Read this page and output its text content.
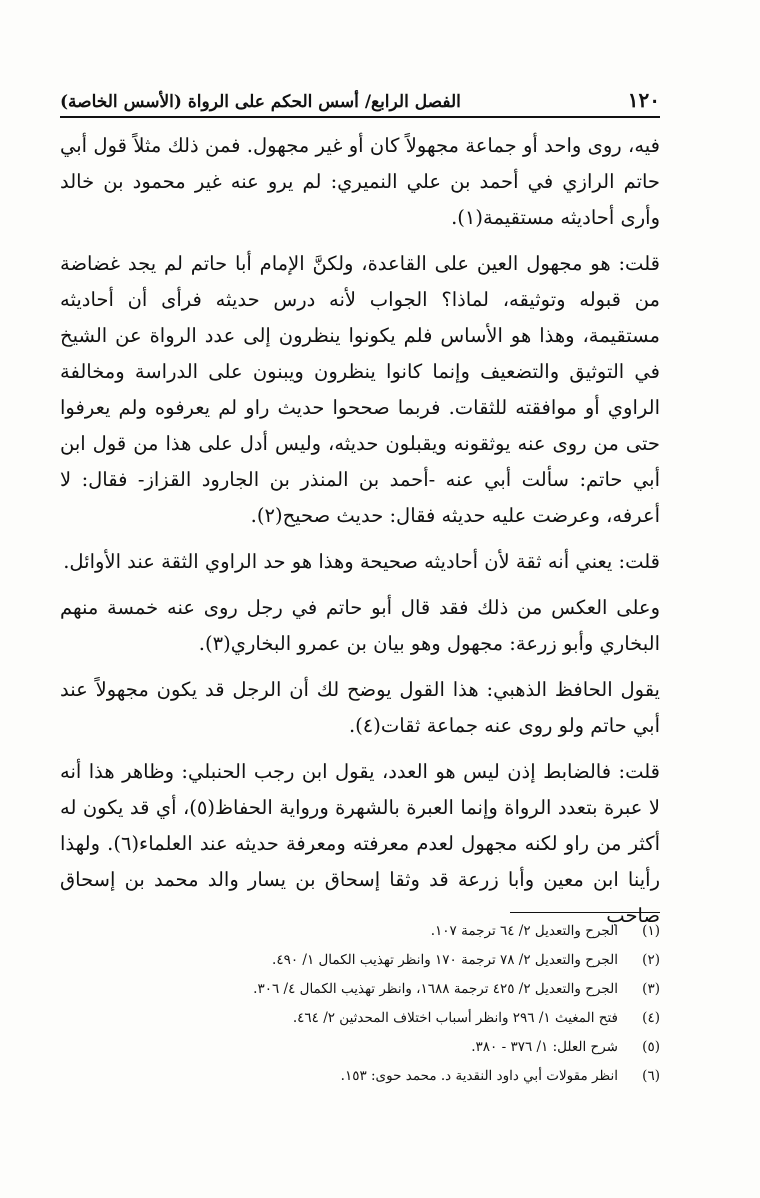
١٢٠
الفصل الرابع/ أسس الحكم على الرواة (الأسس الخاصة)

فيه، روى واحد أو جماعة مجهولاً كان أو غير مجهول. فمن ذلك مثلاً قول أبي حاتم الرازي في أحمد بن علي النميري: لم يرو عنه غير محمود بن خالد وأرى أحاديثه مستقيمة(١).

قلت: هو مجهول العين على القاعدة، ولكنَّ الإمام أبا حاتم لم يجد غضاضة من قبوله وتوثيقه، لماذا؟ الجواب لأنه درس حديثه فرأى أن أحاديثه مستقيمة، وهذا هو الأساس فلم يكونوا ينظرون إلى عدد الرواة عن الشيخ في التوثيق والتضعيف وإنما كانوا ينظرون ويبنون على الدراسة ومخالفة الراوي أو موافقته للثقات. فربما صححوا حديث راو لم يعرفوه ولم يعرفوا حتى من روى عنه يوثقونه ويقبلون حديثه، وليس أدل على هذا من قول ابن أبي حاتم: سألت أبي عنه -أحمد بن المنذر بن الجارود القزاز- فقال: لا أعرفه، وعرضت عليه حديثه فقال: حديث صحيح(٢).

قلت: يعني أنه ثقة لأن أحاديثه صحيحة وهذا هو حد الراوي الثقة عند الأوائل.

وعلى العكس من ذلك فقد قال أبو حاتم في رجل روى عنه خمسة منهم البخاري وأبو زرعة: مجهول وهو بيان بن عمرو البخاري(٣).

يقول الحافظ الذهبي: هذا القول يوضح لك أن الرجل قد يكون مجهولاً عند أبي حاتم ولو روى عنه جماعة ثقات(٤).

قلت: فالضابط إذن ليس هو العدد، يقول ابن رجب الحنبلي: وظاهر هذا أنه لا عبرة بتعدد الرواة وإنما العبرة بالشهرة ورواية الحفاظ(٥)، أي قد يكون له أكثر من راو لكنه مجهول لعدم معرفته ومعرفة حديثه عند العلماء(٦). ولهذا رأينا ابن معين وأبا زرعة قد وثقا إسحاق بن يسار والد محمد بن إسحاق صاحب

(١)
الجرح والتعديل ٢/ ٦٤ ترجمة ١٠٧.
(٢)
الجرح والتعديل ٢/ ٧٨ ترجمة ١٧٠ وانظر تهذيب الكمال ١/ ٤٩٠.
(٣)
الجرح والتعديل ٢/ ٤٢٥ ترجمة ١٦٨٨، وانظر تهذيب الكمال ٤/ ٣٠٦.
(٤)
فتح المغيث ١/ ٢٩٦ وانظر أسباب اختلاف المحدثين ٢/ ٤٦٤.
(٥)
شرح العلل: ١/ ٣٧٦ - ٣٨٠.
(٦)
انظر مقولات أبي داود النقدية د. محمد حوى: ١٥٣.
